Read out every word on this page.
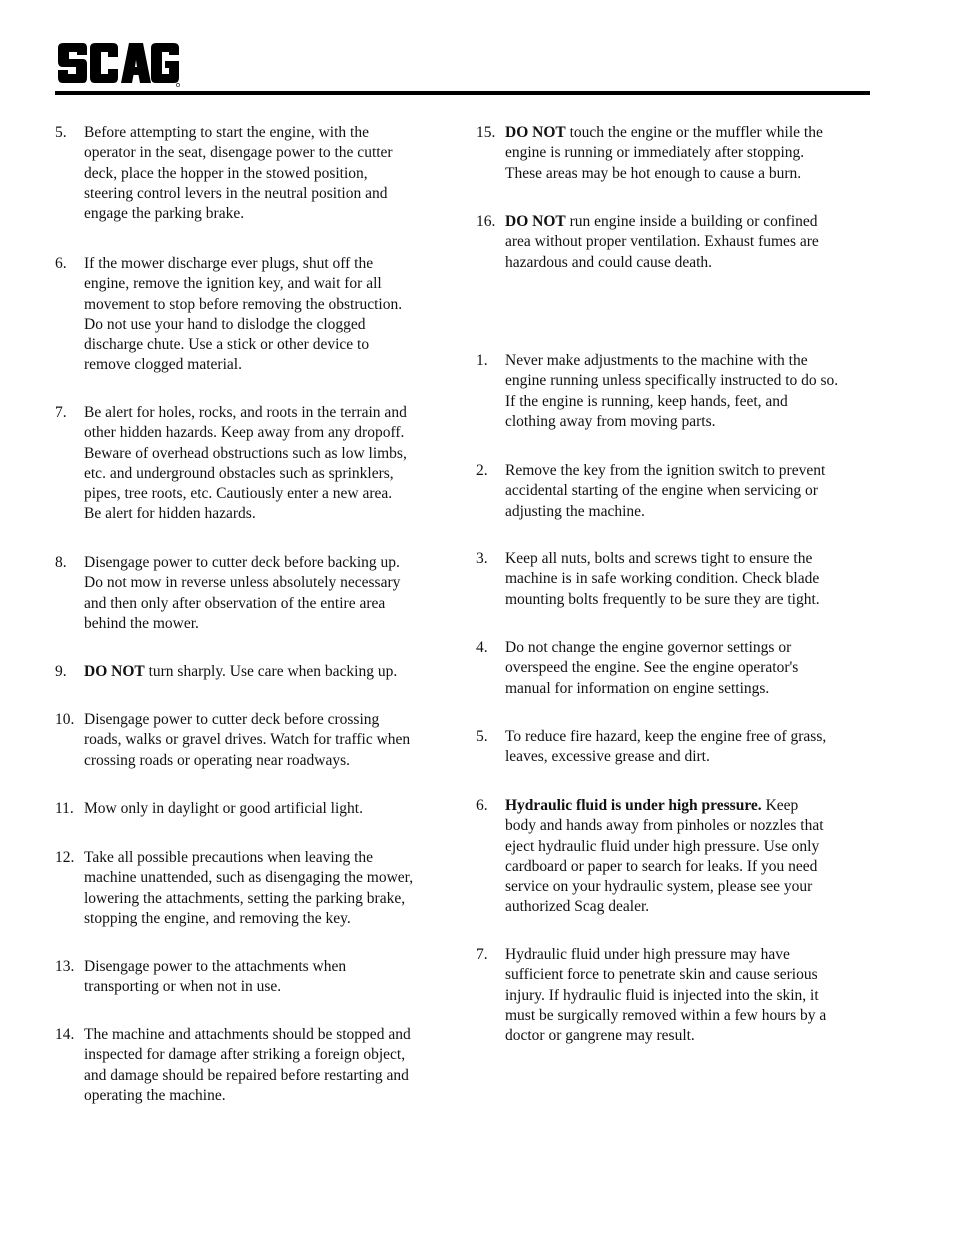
5.	Before attempting to start the engine, with the
operator in the seat, disengage power to the cutter
deck, place the hopper in the stowed position,
steering control levers in the neutral position and
engage the parking brake.
6.	If the mower discharge ever plugs, shut off the
engine, remove the ignition key, and wait for all
movement to stop before removing the obstruction.
Do not use your hand to dislodge the clogged
discharge chute. Use a stick or other device to
remove clogged material.
7.	Be alert for holes, rocks, and roots in the terrain and
other hidden hazards. Keep away from any dropoff.
Beware of overhead obstructions such as low limbs,
etc. and underground obstacles such as sprinklers,
pipes, tree roots, etc. Cautiously enter a new area.
Be alert for hidden hazards.
8.	Disengage power to cutter deck before backing up.
Do not mow in reverse unless absolutely necessary
and then only after observation of the entire area
behind the mower.
9.	DO NOT turn sharply. Use care when backing up.
10. Disengage power to cutter deck before crossing
roads, walks or gravel drives. Watch for traffic when
crossing roads or operating near roadways.
11. Mow only in daylight or good artificial light.
12. Take all possible precautions when leaving the
machine unattended, such as disengaging the mower,
lowering the attachments, setting the parking brake,
stopping the engine, and removing the key.
13. Disengage power to the attachments when
transporting or when not in use.
14. The machine and attachments should be stopped and
inspected for damage after striking a foreign object,
and damage should be repaired before restarting and
operating the machine.
15. DO NOT touch the engine or the muffler while the
engine is running or immediately after stopping.
These areas may be hot enough to cause a burn.
16. DO NOT run engine inside a building or confined
area without proper ventilation. Exhaust fumes are
hazardous and could cause death.
1.	Never make adjustments to the machine with the
engine running unless specifically instructed to do so.
If the engine is running, keep hands, feet, and
clothing away from moving parts.
2.	Remove the key from the ignition switch to prevent
accidental starting of the engine when servicing or
adjusting the machine.
3.	Keep all nuts, bolts and screws tight to ensure the
machine is in safe working condition. Check blade
mounting bolts frequently to be sure they are tight.
4.	Do not change the engine governor settings or
overspeed the engine. See the engine operator's
manual for information on engine settings.
5.	To reduce fire hazard, keep the engine free of grass,
leaves, excessive grease and dirt.
6.	Hydraulic fluid is under high pressure. Keep
body and hands away from pinholes or nozzles that
eject hydraulic fluid under high pressure. Use only
cardboard or paper to search for leaks. If you need
service on your hydraulic system, please see your
authorized Scag dealer.
7.	Hydraulic fluid under high pressure may have
sufficient force to penetrate skin and cause serious
injury. If hydraulic fluid is injected into the skin, it
must be surgically removed within a few hours by a
doctor or gangrene may result.
